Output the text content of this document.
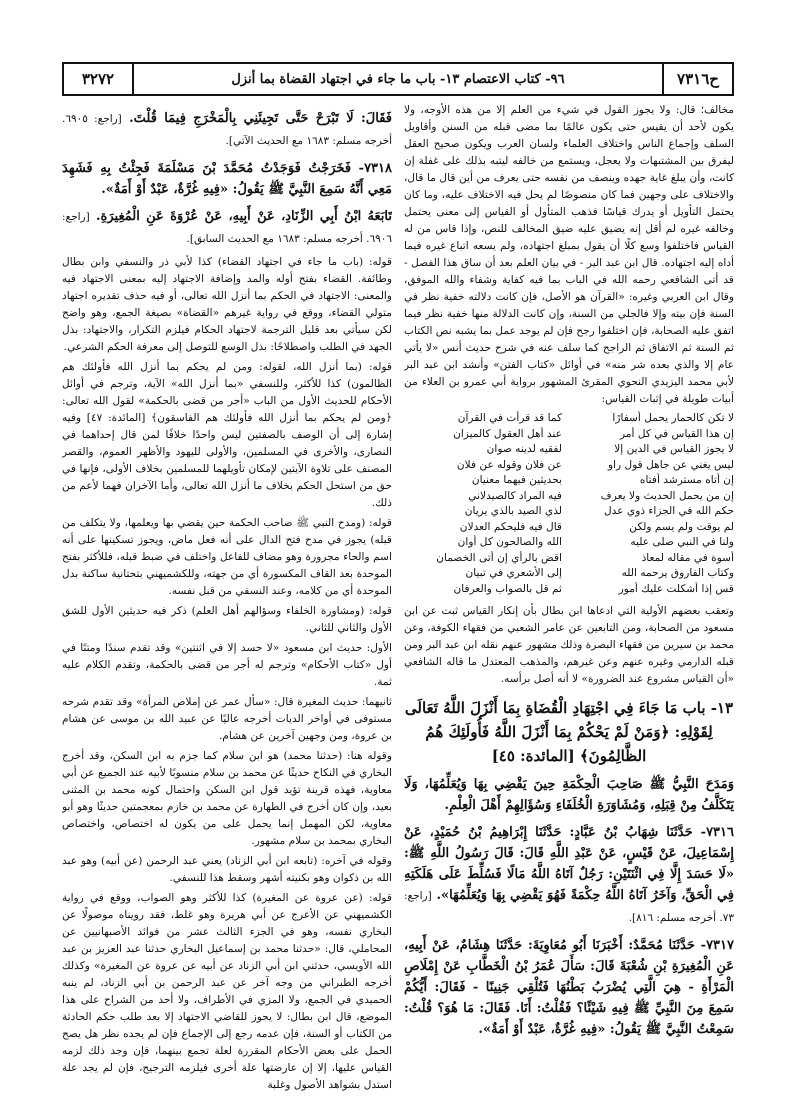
٣٢٧٢	٩٦- كتاب الاعتصام ١٣- باب ما جاء في اجتهاد القضاة بما أنزل	ح٧٣١٦

مخالف؛ قال: ولا يجوز القول في شيء من العلم إلا من هذه الأوجه، ولا يكون لأحد أن يقيس حتى يكون عالمًا بما مضى قبله من السنن وأقاويل السلف وإجماع الناس واختلاف العلماء ولسان العرب ويكون صحيح العقل ليفرق بين المشتبهات ولا يعجل، ويستمع من خالفه ليتبه بذلك على غفلة إن كانت، وأن يبلغ غاية جهده وينصف من نفسه حتى يعرف من أين قال ما قال، والاختلاف على وجهين فما كان منصوصًا لم يحل فيه الاختلاف عليه، وما كان يحتمل التأويل أو يدرك قياسًا فذهب المتأول أو القياس إلى معنى يحتمل وخالفه غيره لم أقل إنه يضيق عليه ضيق المخالف للنص، وإذا قاس من له القياس فاختلفوا وسع كلًا أن يقول بمبلغ اجتهاده، ولم يسعه اتباع غيره فيما أداه إليه اجتهاده. قال ابن عبد البر - في بيان العلم بعد أن ساق هذا الفصل - قد أتى الشافعي رحمه الله في الباب بما فيه كفاية وشفاء والله الموفق، وقال ابن العربي وغيره: «القرآن هو الأصل، فإن كانت دلالته خفية نظر في السنة فإن بيته وإلا فالجلي من السنة، وإن كانت الدلالة منها خفية نظر فيما اتفق عليه الصحابة، فإن اختلفوا رجح فإن لم يوجد عمل بما يشبه نص الكتاب ثم السنة ثم الاتفاق ثم الراجح كما سلف عنه في شرح حديث أنس «لا يأتي عام إلا والذي بعده شر منه» في أوائل «كتاب الفتن» وأنشد ابن عبد البر لأبي محمد اليزيدي النحوي المقرئ المشهور برواية أبي عمرو بن العلاء من أبيات طويلة في إثبات القياس:

لا تكن كالحمار يحمل أسفارًا
كما قد قرأت في القرآن
إن هذا القياس في كل أمر
عند أهل العقول كالميزان
لا يجوز القياس في الدين إلا
لفقيه لدينه صوان
ليس يغني عن جاهل قول راو
عن فلان وقوله عن فلان
إن أتاه مسترشد أفتاه
بحديثين فيهما معنيان
إن من يحمل الحديث ولا يعرف
فيه المراد كالصيدلاني
حكم الله في الجزاء ذوي عدل
لذي الصيد بالذي يريان
لم يوقت ولم يسم ولكن
قال فيه فليحكم العدلان
ولنا في النبي صلى عليه
الله والصالحون كل أوان
أسوة في مقاله لمعاذ
اقض بالرأي إن أتى الخصمان
وكتاب الفاروق يرحمه الله
إلى الأشعري في تبيان
قس إذا أشكلت عليك أمور
ثم قل بالصواب والعرفان

وتعقب بعضهم الأولية التي ادعاها ابن بطال بأن إنكار القياس ثبت عن ابن مسعود من الصحابة، ومن التابعين عن عامر الشعبي من فقهاء الكوفة، وعن محمد بن سيرين من فقهاء البصرة وذلك مشهور عنهم نقله ابن عبد البر ومن قبله الدارمي وغيره عنهم وعن غيرهم، والمذهب المعتدل ما قاله الشافعي «أن القياس مشروع عند الضرورة» لا أنه أصل برأسه.

١٣- باب مَا جَاءَ فِي اجْتِهَادِ الْقُضَاةِ بِمَا أَنْزَلَ اللَّهُ تَعَالَى لِقَوْلِهِ: ﴿وَمَنْ لَمْ يَحْكُمْ بِمَا أَنْزَلَ اللَّهُ فَأُولَئِكَ هُمُ الظَّالِمُونَ﴾ [المائدة: ٤٥]
وَمَدَحَ النَّبِيُّ ﷺ صَاحِبَ الْحِكْمَةِ حِينَ يَقْضِي بِهَا وَيُعَلِّمُهَا، وَلَا يَتَكَلَّفُ مِنْ قِبَلِهِ، وَمُشَاوَرَةِ الْخُلَفَاءِ وَسُؤَالِهِمْ أَهْلَ الْعِلْمِ.
٧٣١٦- حَدَّثَنَا شِهَابُ بْنُ عَبَّادٍ: حَدَّثَنَا إِبْرَاهِيمُ بْنُ حُمَيْدٍ، عَنْ إِسْمَاعِيلَ، عَنْ قَيْسٍ، عَنْ عَبْدِ اللَّهِ قَالَ: قَالَ رَسُولُ اللَّهِ ﷺ: «لَا حَسَدَ إِلَّا فِي اثْنَتَيْنِ: رَجُلٌ آتَاهُ اللَّهُ مَالًا فَسُلِّطَ عَلَى هَلَكَتِهِ فِي الْحَقِّ، وَآخَرُ آتَاهُ اللَّهُ حِكْمَةً فَهُوَ يَقْضِي بِهَا وَيُعَلِّمُهَا». [راجع: ٧٣. أخرجه مسلم: ٨١٦].
٧٣١٧- حَدَّثَنَا مُحَمَّدٌ: أَخْبَرَنَا أَبُو مُعَاوِيَةَ: حَدَّثَنَا هِشَامٌ، عَنْ أَبِيهِ، عَنِ الْمُغِيرَةِ بْنِ شُعْبَةَ قَالَ: سَأَلَ عُمَرُ بْنُ الْخَطَّابِ عَنْ إِمْلَاصِ الْمَرْأَةِ - هِيَ الَّتِي يُضْرَبُ بَطْنُهَا فَتُلْقِي جَنِينًا - فَقَالَ: أَيُّكُمْ سَمِعَ مِنَ النَّبِيِّ ﷺ فِيهِ شَيْئًا؟ فَقُلْتُ: أَنَا. فَقَالَ: مَا هُوَ؟ قُلْتُ: سَمِعْتُ النَّبِيَّ ﷺ يَقُولُ: «فِيهِ غُرَّةٌ، عَبْدٌ أَوْ أَمَةٌ».
فَقَالَ: لَا تَبْرَحْ حَتَّى تَجِيئَنِي بِالْمَخْرَجِ فِيمَا قُلْتَ. [راجع: ٦٩٠٥. أخرجه مسلم: ١٦٨٣ مع الحديث الآتي].
٧٣١٨- فَخَرَجْتُ فَوَجَدْتُ مُحَمَّدَ بْنَ مَسْلَمَةَ فَجِئْتُ بِهِ فَشَهِدَ مَعِي أَنَّهُ سَمِعَ النَّبِيَّ ﷺ يَقُولُ: «فِيهِ غُرَّةٌ، عَبْدٌ أَوْ أَمَةٌ».
تَابَعَهُ ابْنُ أَبِي الزِّنَادِ، عَنْ أَبِيهِ، عَنْ عُرْوَةَ عَنِ الْمُغِيرَةِ. [راجع: ٦٩٠٦. أخرجه مسلم: ١٦٨٣ مع الحديث السابق].

قوله: (باب ما جاء في اجتهاد القضاء) كذا لأبي ذر والنسفي وابن بطال وطائفة. القضاء بفتح أوله والمد وإضافة الاجتهاد إليه بمعنى الاجتهاد فيه والمعنى: الاجتهاد في الحكم بما أنزل الله تعالى، أو فيه حذف تقديره اجتهاد متولي القضاء، ووقع في رواية غيرهم «القضاة» بصيغة الجمع، وهو واضح لكن سيأتي بعد قليل الترجمة لاجتهاد الحكام فيلزم التكرار، والاجتهاد: بذل الجهد في الطلب واصطلاحًا: بذل الوسع للتوصل إلى معرفة الحكم الشرعي.

قوله: (بما أنزل الله، لقوله: ومن لم يحكم بما أنزل الله فأولئك هم الظالمون) كذا للأكثر، وللنسفي «بما أنزل الله» الآية، وترجم في أوائل الأحكام للحديث الأول من الباب «أجر من قضى بالحكمة» لقول الله تعالى: ﴿ومن لم يحكم بما أنزل الله فأولئك هم الفاسقون﴾ [المائدة: ٤٧] وفيه إشارة إلى أن الوصف بالصفتين ليس واحدًا خلافًا لمن قال إحداهما في النصارى، والأخرى في المسلمين، والأولى لليهود والأظهر العموم، والقصر المصنف على تلاوة الآيتين لإمكان تأويلهما للمسلمين بخلاف الأولى، فإنها في حق من استحل الحكم بخلاف ما أنزل الله تعالى، وأما الآخران فهما لأعم من ذلك.

قوله: (ومدح النبي ﷺ صاحب الحكمة حين يقضي بها ويعلمها، ولا يتكلف من قبله) يجوز في مدح فتح الدال على أنه فعل ماض، ويجوز تسكينها على أنه اسم والحاء مجرورة وهو مضاف للفاعل واختلف في ضبط قبله، فللأكثر بفتح الموحدة بعد القاف المكسورة أي من جهته، وللكشميهني بتحتانية ساكنة بدل الموحدة أي من كلامه، وعند النسفي من قبل نفسه.

قوله: (ومشاورة الخلفاء وسؤالهم أهل العلم) ذكر فيه حديثين الأول للشق الأول والثاني للثاني.

الأول: حديث ابن مسعود «لا حسد إلا في اثنتين» وقد تقدم سندًا ومتنًا في أول «كتاب الأحكام» وترجم له أجر من قضى بالحكمة، وتقدم الكلام عليه ثمة.

ثانيهما: حديث المغيرة قال: «سأل عمر عن إملاص المرأة» وقد تقدم شرحه مستوفى في أواخر الديات أخرجه عاليًا عن عبيد الله بن موسى عن هشام بن عروة، ومن وجهين آخرين عن هشام.

وقوله هنا: (حدثنا محمد) هو ابن سلام كما جزم به ابن السكن، وقد أخرج البخاري في النكاح حديثًا عن محمد بن سلام منسوبًا لأبيه عند الجميع عن أبي معاوية، فهذه قرينة تؤيد قول ابن السكن واحتمال كونه محمد بن المثنى بعيد، وإن كان أخرج في الطهارة عن محمد بن خازم بمعجمتين حديثًا وهو أبو معاوية، لكن المهمل إنما يحمل على من يكون له اختصاص، واختصاص البخاري بمحمد بن سلام مشهور.

وقوله في آخره: (تابعه ابن أبي الزناد) يعني عبد الرحمن (عن أبيه) وهو عبد الله بن ذكوان وهو بكنيته أشهر وسقط هذا للنسفي.

قوله: (عن عروة عن المغيرة) كذا للأكثر وهو الصواب، ووقع في رواية الكشميهني عن الأعرج عن أبي هريرة وهو غلط، فقد رويناه موصولًا عن البخاري نفسه، وهو في الجزء الثالث عشر من فوائد الأصبهانيين عن المحاملي، قال: «حدثنا محمد بن إسماعيل البخاري حدثنا عبد العزيز بن عبد الله الأويسي، حدثني ابن أبي الزناد عن أبيه عن عروة عن المغيرة» وكذلك أخرجه الطبراني من وجه آخر عن عبد الرحمن بن أبي الزناد، لم ينبه الحميدي في الجمع، ولا المزي في الأطراف، ولا أحد من الشراح على هذا الموضع، قال ابن بطال: لا يجوز للقاضي الاجتهاد إلا بعد طلب حكم الحادثة من الكتاب أو السنة، فإن عدمه رجع إلى الإجماع فإن لم يجده نظر هل يصح الحمل على بعض الأحكام المقررة لعلة تجمع بينهما، فإن وجد ذلك لزمه القياس عليها، إلا إن عارضتها علة أخرى فيلزمه الترجيح، فإن لم يجد علة استدل بشواهد الأصول وغلبة
